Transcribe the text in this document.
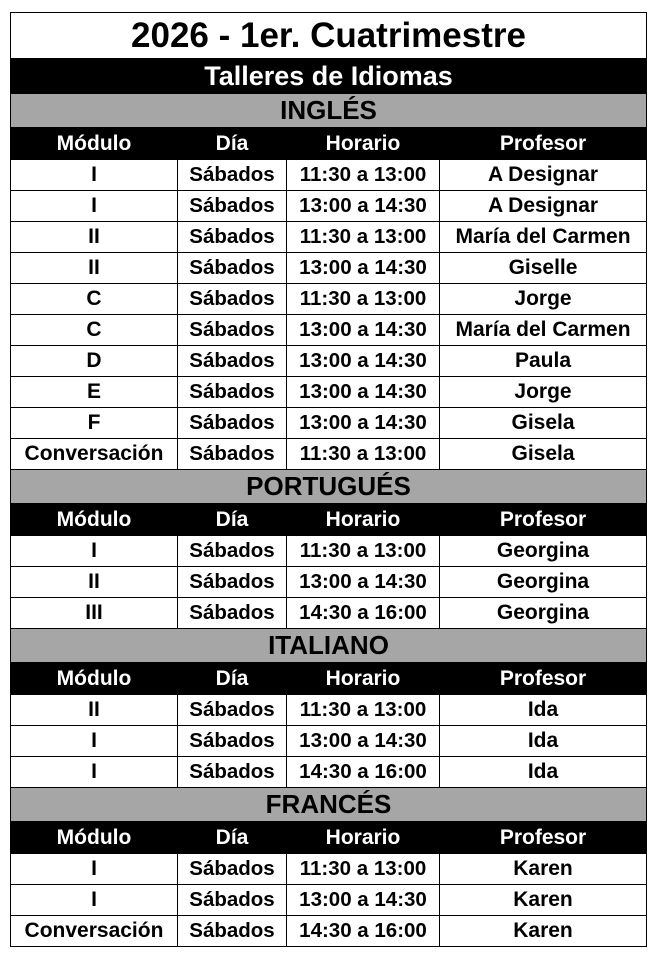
2026 - 1er. Cuatrimestre			
Talleres de Idiomas			
INGLÉS			
Módulo	Día	Horario	Profesor
I	Sábados	11:30 a 13:00	A Designar
I	Sábados	13:00 a 14:30	A Designar
II	Sábados	11:30 a 13:00	María del Carmen
II	Sábados	13:00 a 14:30	Giselle
C	Sábados	11:30 a 13:00	Jorge
C	Sábados	13:00 a 14:30	María del Carmen
D	Sábados	13:00 a 14:30	Paula
E	Sábados	13:00 a 14:30	Jorge
F	Sábados	13:00 a 14:30	Gisela
Conversación	Sábados	11:30 a 13:00	Gisela
PORTUGUÉS			
Módulo	Día	Horario	Profesor
I	Sábados	11:30 a 13:00	Georgina
II	Sábados	13:00 a 14:30	Georgina
III	Sábados	14:30 a 16:00	Georgina
ITALIANO			
Módulo	Día	Horario	Profesor
II	Sábados	11:30 a 13:00	Ida
I	Sábados	13:00 a 14:30	Ida
I	Sábados	14:30 a 16:00	Ida
FRANCÉS			
Módulo	Día	Horario	Profesor
I	Sábados	11:30 a 13:00	Karen
I	Sábados	13:00 a 14:30	Karen
Conversación	Sábados	14:30 a 16:00	Karen
